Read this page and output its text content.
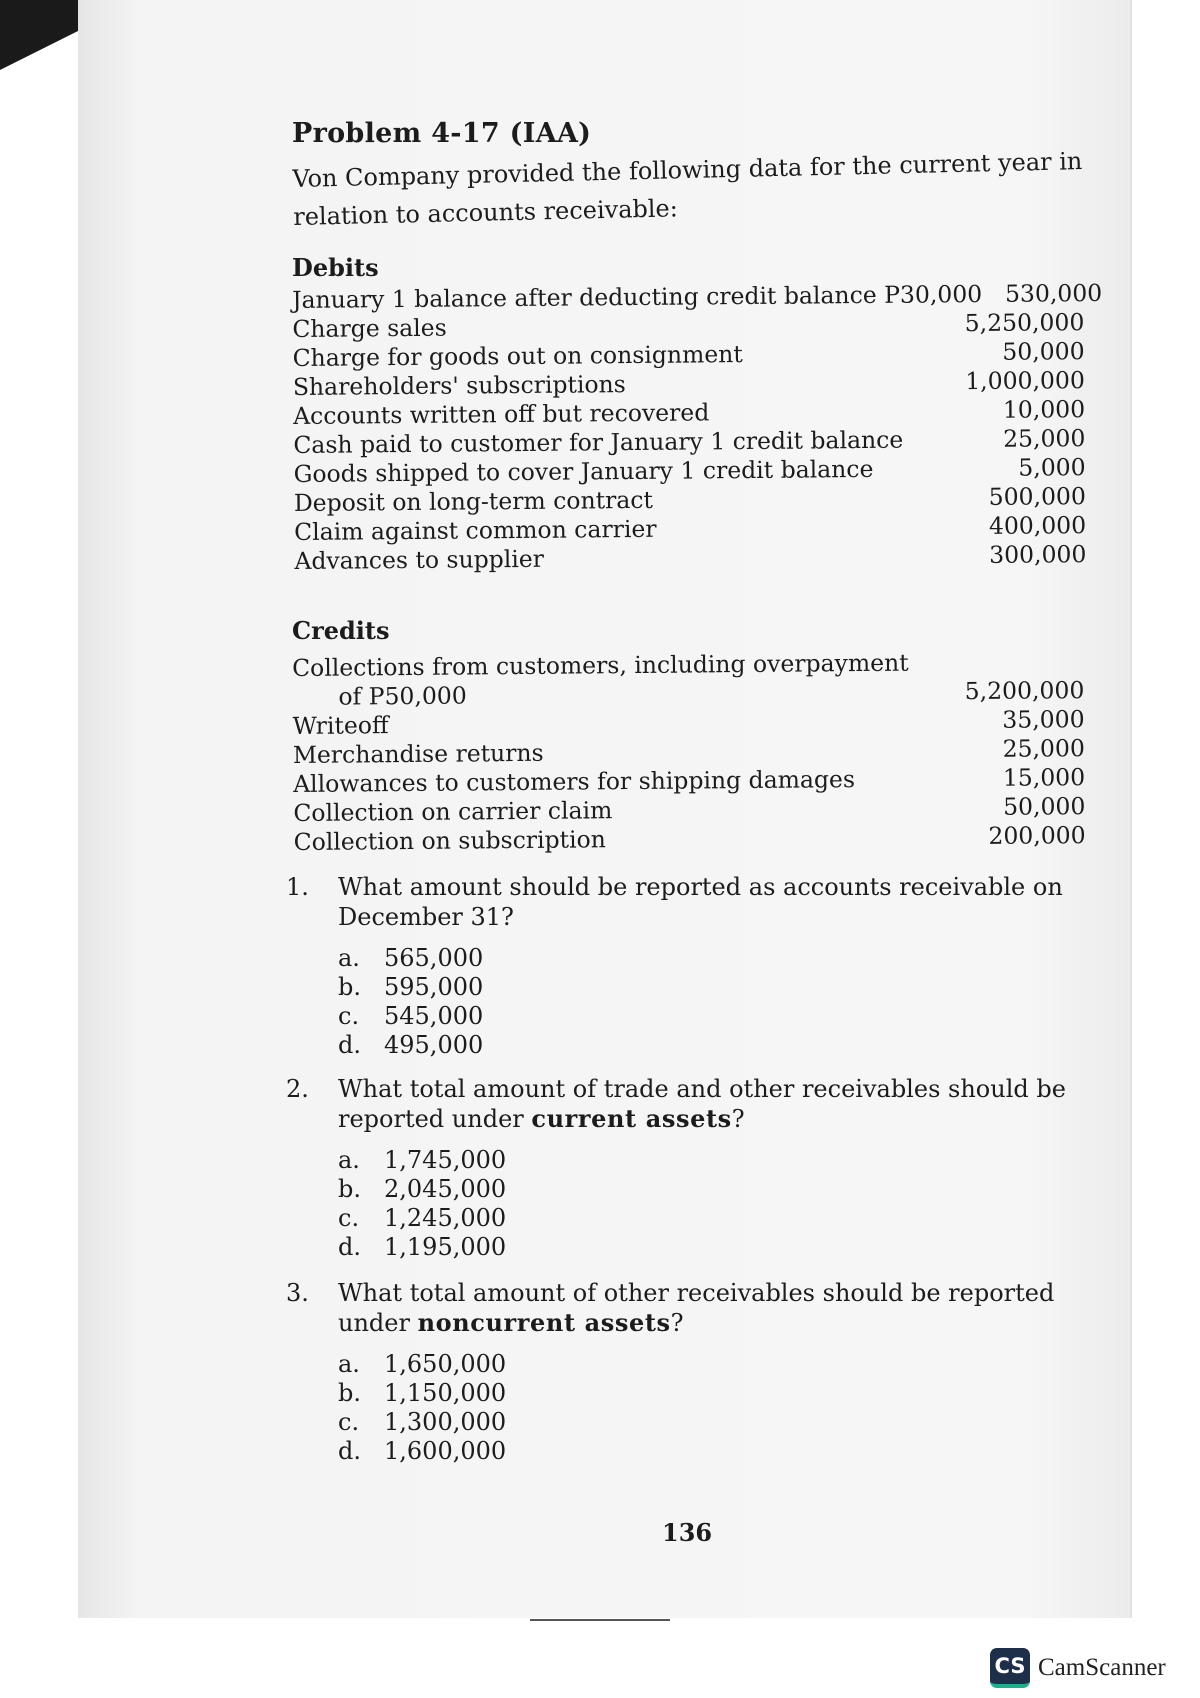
Problem 4-17 (IAA)

Von Company provided the following data for the current year in relation to accounts receivable:

Debits
January 1 balance after deducting credit balance P30,000 530,000
Charge sales	5,250,000
Charge for goods out on consignment	50,000
Shareholders' subscriptions	1,000,000
Accounts written off but recovered	10,000
Cash paid to customer for January 1 credit balance	25,000
Goods shipped to cover January 1 credit balance	5,000
Deposit on long-term contract	500,000
Claim against common carrier	400,000
Advances to supplier	300,000
Credits
Collections from customers, including overpayment
of P50,000	5,200,000
Writeoff	35,000
Merchandise returns	25,000
Allowances to customers for shipping damages	15,000
Collection on carrier claim	50,000
Collection on subscription	200,000
1.	What amount should be reported as accounts receivable on December 31?
a.	565,000
b. 595,000
c.	545,000
d. 495,000
2.	What total amount of trade and other receivables should be reported under current assets?
a.	1,745,000
b. 2,045,000
c.	1,245,000
d. 1,195,000
3.	What total amount of other receivables should be reported under noncurrent assets?
a.	1,650,000
b. 1,150,000
c.	1,300,000
d. 1,600,000
136
CS CamScanner
